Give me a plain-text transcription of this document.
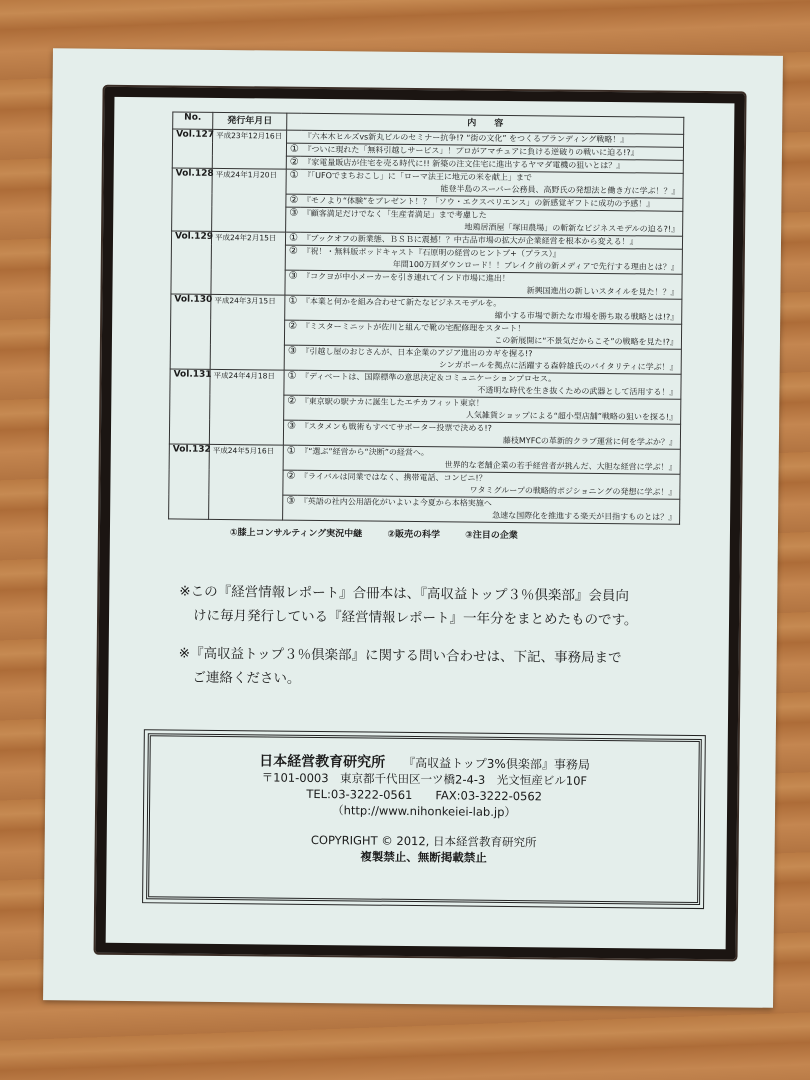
No.	発行年月日	内　　容	
Vol.127	平成23年12月16日		『六本木ヒルズvs新丸ビルのセミナー抗争!? “街の文化” をつくるブランディング戦略！』

		①	『ついに現れた「無料引越しサービス」！プロがアマチュアに負ける逆破りの戦いに迫る!?』

		②	『家電量販店が住宅を売る時代に!! 新築の注文住宅に進出するヤマダ電機の狙いとは？』

Vol.128	平成24年1月20日	①	『「UFOでまちおこし」に「ローマ法王に地元の米を献上」まで
能登半島のスーパー公務員、高野氏の発想法と働き方に学ぶ！？』

		②	『モノより“体験”をプレゼント！？「ソウ・エクスペリエンス」の新感覚ギフトに成功の予感！』

		③	『顧客満足だけでなく「生産者満足」まで考慮した
地鶏居酒屋「塚田農場」の斬新なビジネスモデルの迫る?!』

Vol.129	平成24年2月15日	①	『ブックオフの新業態、ＢＳＢに震撼！？中古品市場の拡大が企業経営を根本から変える！』

		②	『祝！・無料版ポッドキャスト『石原明の経営のヒントプ+（プラス）』
年間100万回ダウンロード！！ブレイク前の新メディアで先行する理由とは？』

		③	『コクヨが中小メーカーを引き連れてインド市場に進出！
新興国進出の新しいスタイルを見た！？』

Vol.130	平成24年3月15日	①	『本業と何かを組み合わせて新たなビジネスモデルを。
縮小する市場で新たな市場を勝ち取る戦略とは!?』

		②	『ミスターミニットが佐川と組んで靴の宅配修理をスタート！
この新展開に“不景気だからこそ”の戦略を見た!?』

		③	『引越し屋のおじさんが、日本企業のアジア進出のカギを握る!?
シンガポールを拠点に活躍する森幹雄氏のバイタリティに学ぶ！』

Vol.131	平成24年4月18日	①	『ディベートは、国際標準の意思決定＆コミュニケーションプロセス。
不透明な時代を生き抜くための武器として活用する！』

		②	『東京駅の駅ナカに誕生したエチカフィット東京！
人気雑貨ショップによる“超小型店舗”戦略の狙いを探る!』

		③	『スタメンも戦術もすべてサポーター投票で決める!?
藤枝MYFCの革新的クラブ運営に何を学ぶか？』

Vol.132	平成24年5月16日	①	『“選ぶ”経営から“決断”の経営へ。
世界的な老舗企業の若手経営者が挑んだ、大胆な経営に学ぶ！』

		②	『ライバルは同業ではなく、携帯電話、コンビニ!？
ワタミグループの戦略的ポジショニングの発想に学ぶ！』

		③	『英語の社内公用語化がいよいよ今夏から本格実施へ
急速な国際化を推進する楽天が目指すものとは？』
①膝上コンサルティング実況中継	②販売の科学	③注目の企業
※この『経営情報レポート』合冊本は、『高収益トップ３％倶楽部』会員向
けに毎月発行している『経営情報レポート』一年分をまとめたものです。
※『高収益トップ３％倶楽部』に関する問い合わせは、下記、事務局まで
ご連絡ください。
日本経営教育研究所 『高収益トップ3%倶楽部』事務局
〒101-0003　東京都千代田区一ツ橋2-4-3　光文恒産ビル10F
TEL:03-3222-0561　　FAX:03-3222-0562
（http://www.nihonkeiei-lab.jp）
COPYRIGHT © 2012, 日本経営教育研究所
複製禁止、無断掲載禁止
